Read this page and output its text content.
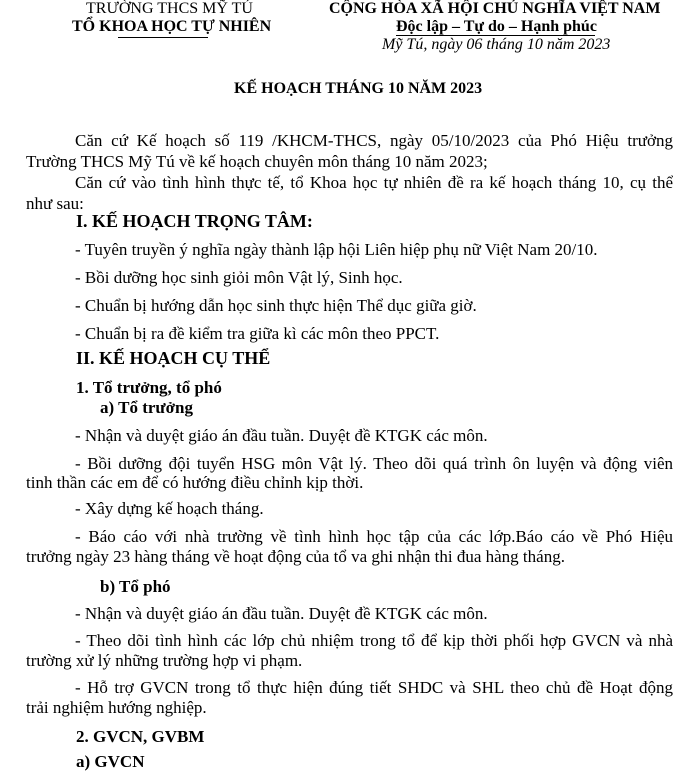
TRƯỜNG THCS MỸ TÚ
TỔ KHOA HỌC TỰ NHIÊN
CỘNG HÒA XÃ HỘI CHỦ NGHĨA VIỆT NAM
Độc lập – Tự do – Hạnh phúc
Mỹ Tú, ngày 06 tháng 10 năm 2023
KẾ HOẠCH THÁNG 10 NĂM 2023
Căn cứ Kế hoạch số 119 /KHCM-THCS, ngày 05/10/2023 của Phó Hiệu trưởng
Trường THCS Mỹ Tú về kế hoạch chuyên môn tháng 10 năm 2023;
Căn cứ vào tình hình thực tế, tổ Khoa học tự nhiên đề ra kế hoạch tháng 10, cụ thể
như sau:
I. KẾ HOẠCH TRỌNG TÂM:
- Tuyên truyền ý nghĩa ngày thành lập hội Liên hiệp phụ nữ Việt Nam 20/10.
- Bồi dưỡng học sinh giỏi môn Vật lý, Sinh học.
- Chuẩn bị hướng dẫn học sinh thực hiện Thể dục giữa giờ.
- Chuẩn bị ra đề kiểm tra giữa kì các môn theo PPCT.
II. KẾ HOẠCH CỤ THỂ
1. Tổ trưởng, tổ phó
a) Tổ trưởng
- Nhận và duyệt giáo án đầu tuần. Duyệt đề KTGK các môn.
- Bồi dưỡng đội tuyển HSG môn Vật lý. Theo dõi quá trình ôn luyện và động viên
tinh thần các em để có hướng điều chỉnh kịp thời.
- Xây dựng kế hoạch tháng.
- Báo cáo với nhà trường về tình hình học tập của các lớp.Báo cáo về Phó Hiệu
trưởng ngày 23 hàng tháng về hoạt động của tổ va ghi nhận thi đua hàng tháng.
b) Tổ phó
- Nhận và duyệt giáo án đầu tuần. Duyệt đề KTGK các môn.
- Theo dõi tình hình các lớp chủ nhiệm trong tổ để kịp thời phối hợp GVCN và nhà
trường xử lý những trường hợp vi phạm.
- Hỗ trợ GVCN trong tổ thực hiện đúng tiết SHDC và SHL theo chủ đề Hoạt động
trải nghiệm hướng nghiệp.
2. GVCN, GVBM
a) GVCN
